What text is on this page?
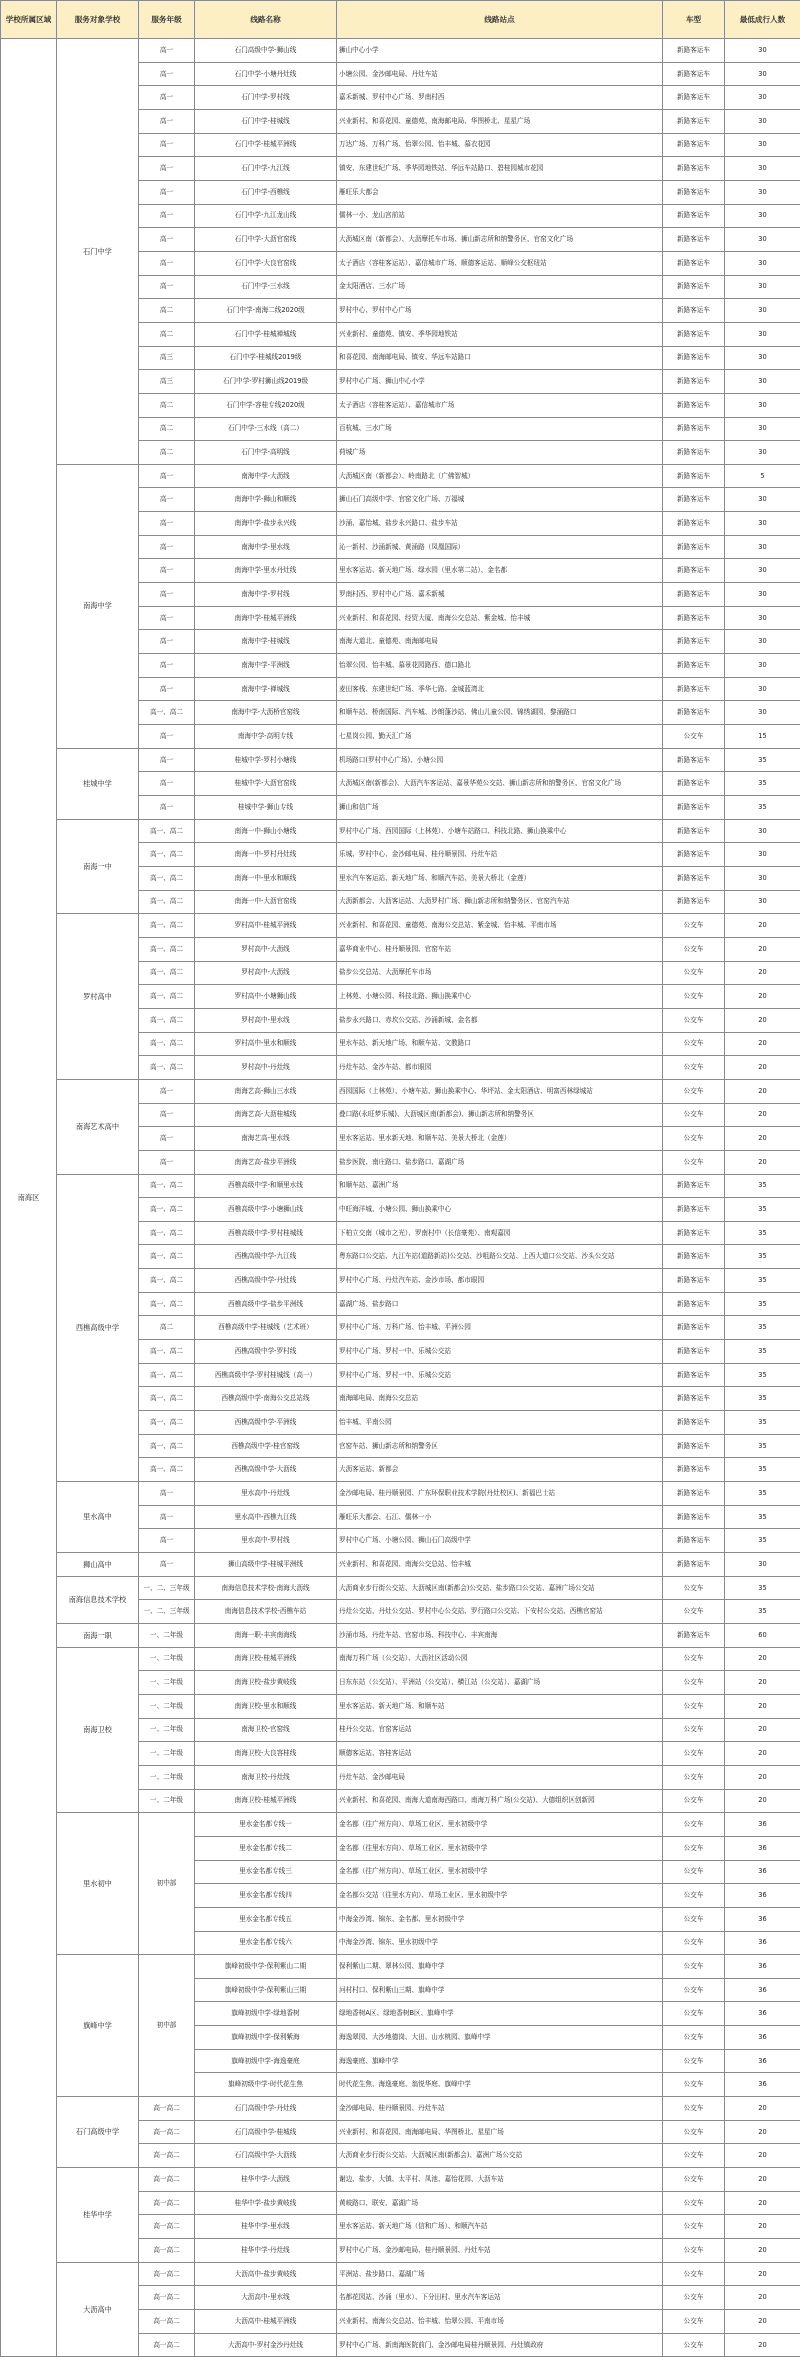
学校所属区域	服务对象学校	服务年级	线路名称	线路站点	车型	最低成行人数
南海区	石门中学	高一	石门高级中学-狮山线	狮山中心小学	新路客运车	30
		高一	石门中学-小塘丹灶线	小塘公园、金沙邮电局、丹灶车站	新路客运车	30
		高一	石门中学-罗村线	嘉禾新城、罗村中心广场、罗南村西	新路客运车	30
		高一	石门中学-桂城线	兴业新村、和喜花园、童德苑、南海邮电局、华图桥北、星星广场	新路客运车	30
		高一	石门中学-桂城平洲线	万达广场、万科广场、怡翠公园、怡丰城、慕衣花园	新路客运车	30
		高一	石门中学-九江线	镇安、东建世纪广场、季华园地铁站、华远车站路口、碧桂园城市花园	新路客运车	30
		高一	石门中学-西樵线	雁旺乐大都会	新路客运车	30
		高一	石门中学-九江龙山线	儒林一小、龙山宫前站	新路客运车	30
		高一	石门中学-大沥官窑线	大沥城区南（新都会）、大沥摩托车市场、狮山新志所和纳警务区、官窑文化广场	新路客运车	30
		高一	石门中学-大良官窑线	太子酒店（容桂客运站）、嘉信城市广场、顺德客运站、顺峰公交枢纽站	新路客运车	30
		高一	石门中学-三水线	金太阳酒店、三水广场	新路客运车	30
		高二	石门中学-南海二线2020级	罗村中心、罗村中心广场	新路客运车	30
		高二	石门中学-桂城禅城线	兴业新村、童德苑、镇安、季华园地铁站	新路客运车	30
		高三	石门中学-桂城线2019级	和喜花园、南海邮电局、镇安、华远车站路口	新路客运车	30
		高三	石门中学-罗村狮山线2019级	罗村中心广场、狮山中心小学	新路客运车	30
		高二	石门中学-容桂专线2020级	太子酒店（容桂客运站）、嘉信城市广场	新路客运车	30
		高二	石门中学-三水线（高二）	百杭城、三水广场	新路客运车	30
		高二	石门中学-高明线	荷城广场	新路客运车	30
	南海中学	高一	南海中学-大沥线	大沥城区南（新都会）、岭南路北（广佛智城）	新路客运车	5
		高一	南海中学-狮山和顺线	狮山石门高级中学、官窑文化广场、万福城	新路客运车	30
		高一	南海中学-盐步永兴线	沙涌、嘉怡城、盐步永兴路口、盐步车站	新路客运车	30
		高一	南海中学-里水线	沁一新村、沙涌新城、黄涌路（凤凰国际）	新路客运车	30
		高一	南海中学-里水丹灶线	里水客运站、新天地广场、绿水园（里水第二站）、金名都	新路客运车	30
		高一	南海中学-罗村线	罗南村西、罗村中心广场、嘉禾新城	新路客运车	30
		高一	南海中学-桂城平洲线	兴业新村、和喜花园、经贸大厦、南海公交总站、紫金城、怡丰城	新路客运车	30
		高一	南海中学-桂城线	南海大道北、童德苑、南海邮电局	新路客运车	30
		高一	南海中学-平洲线	怡翠公园、怡丰城、慕景花园路西、德口路北	新路客运车	30
		高一	南海中学-禅城线	麦田客栈、东建世纪广场、季华七路、金城蓝湾北	新路客运车	30
		高一、高二	南海中学-大沥桥官窑线	和顺车站、桥南国际、汽车城、沙朗蓬沙站、佛山儿童公园、锦绣湖园、黎涌路口	新路客运车	30
		高一	南海中学-高明专线	七星岗公园、勤天汇广场	公交车	15
	桂城中学	高一	桂城中学-罗村小塘线	机场路口(罗村中心广场)、小塘公园	新路客运车	35
		高一	桂城中学-大沥官窑线	大沥城区南(新都会)、大沥汽车客运站、嘉景华苑公交站、狮山新志所和纳警务区、官窑文化广场	新路客运车	35
		高一	桂城中学-狮山专线	狮山和信广场	新路客运车	35
	南海一中	高一、高二	南海一中-狮山小塘线	罗村中心广场、西园国际（上林苑）、小塘车站路口、科技北路、狮山换乘中心	新路客运车	30
		高一、高二	南海一中-罗村丹灶线	乐城、罗村中心、金沙邮电局、桂丹顺景园、丹灶车站	新路客运车	30
		高一、高二	南海一中-里水和顺线	里水汽车客运站、新天地广场、和顺汽车站、美景大桥北（金莲）	新路客运车	30
		高一、高二	南海一中-大沥官窑线	大沥新都会、大沥客运站、大沥罗村广场、狮山新志所和纳警务区、官窑汽车站	新路客运车	30
	罗村高中	高一、高二	罗村高中-桂城平洲线	兴业新村、和喜花园、童德苑、南海公交总站、紫金城、怡丰城、平南市场	公交车	20
		高一、高二	罗村高中-大沥线	嘉华商业中心、桂丹顺景园、官窑车站	公交车	20
		高一、高二	罗村高中-大沥线	盐步公交总站、大沥摩托车市场	公交车	20
		高一、高二	罗村高中-小塘狮山线	上林苑、小塘公园、科技北路、狮山换乘中心	公交车	20
		高一、高二	罗村高中-里水线	盐步永兴路口、赤坎公交站、沙涌新城、金名都	公交车	20
		高一、高二	罗村高中-里水和顺线	里水车站、新天地广场、和顺车站、文教路口	公交车	20
		高一、高二	罗村高中-丹灶线	丹灶车站、金沙车站、都市眼园	公交车	20
	南海艺术高中	高一	南海艺高-狮山三水线	西园国际（上林苑）、小塘车站、狮山换乘中心、华坪站、金太阳酒店、明富西林绿城站	公交车	20
		高一	南海艺高-大沥桂城线	叠口路(永旺梦乐城)、大沥城区南(新都会)、狮山新志所和纳警务区	公交车	20
		高一	南海艺高-里水线	里水客运站、里水新天地、和顺车站、美景大桥北（金莲）	公交车	20
		高一	南海艺高-盐步平洲线	盐步医院、南庄路口、盐步路口、嘉湖广场	公交车	20
	西樵高级中学	高一、高二	西樵高级中学-和顺里水线	和顺车站、嘉洲广场	新路客运车	35
		高一、高二	西樵高级中学-小塘狮山线	中旺海洋城、小塘公园、狮山换乘中心	新路客运车	35
		高一、高二	西樵高级中学-罗村桂城线	下柏立交南（城市之光）、罗南村中（长信豪苑）、南观嘉园	新路客运车	35
		高一、高二	西樵高级中学-九江线	粤东路口公交站、九江车站(道路新站)公交站、沙咀路公交站、上西大道口公交站、沙头公交站	新路客运车	35
		高一、高二	西樵高级中学-丹灶线	罗村中心广场、丹灶汽车站、金沙市场、都市眼园	新路客运车	35
		高一、高二	西樵高级中学-盐步平洲线	嘉湖广场、盐步路口	新路客运车	35
		高二	西樵高级中学-桂城线（艺术班）	罗村中心广场、万科广场、怡丰城、平洲公园	新路客运车	35
		高一、高二	西樵高级中学-罗村线	罗村中心广场、罗村一中、乐城公交站	新路客运车	35
		高一、高二	西樵高级中学-罗村桂城线（高一）	罗村中心广场、罗村一中、乐城公交站	新路客运车	35
		高一、高二	西樵高级中学-南海公交总站线	南海邮电局、南海公交总站	新路客运车	35
		高一、高二	西樵高级中学-平洲线	怡丰城、平南公园	新路客运车	35
		高一、高二	西樵高级中学-桂官窑线	官窑车站、狮山新志所和纳警务区	新路客运车	35
		高一、高二	西樵高级中学-大沥线	大沥客运站、新都会	新路客运车	35
	里水高中	高一	里水高中-丹灶线	金沙邮电局、桂丹顺景园、广东环保职业技术学院(丹灶校区)、新福巴士站	新路客运车	35
		高一	里水高中-西樵九江线	雁旺乐大都会、石江、儒林一小	新路客运车	35
		高一	里水高中-罗村线	罗村中心广场、小塘公园、狮山石门高级中学	新路客运车	35
	狮山高中	高一	狮山高级中学-桂城平洲线	兴业新村、和喜花园、南海公交总站、怡丰城	新路客运车	30
	南海信息技术学校	一、二、三年级	南海信息技术学校-南海大沥线	大沥商业步行街公交站、大沥城区南(新都会)公交站、盐步路口公交站、嘉洲广场公交站	公交车	35
		一、二、三年级	南海信息技术学校-西樵车站	丹灶公交站、丹灶公交站、罗村中心公交站、罗行路口公交站、下安村公交站、西樵官窑站	公交车	35
	南海一职	一、二年级	南海一职-丰宾南海线	沙涌市场、丹灶车站、官窑市场、科技中心、丰宾南海	新路客运车	60
	南海卫校	一、二年级	南海卫校-桂城平洲线	南海万科广场（公交站）、大沥社区活动公园	公交车	20
		一、二年级	南海卫校-盐步黄岐线	日东东站（公交站）、平洲站（公交站）、横江站（公交站）、嘉湖广场	公交车	20
		一、二年级	南海卫校-里水和顺线	里水客运站、新天地广场、和顺车站	公交车	20
		一、二年级	南海卫校-官窑线	桂丹公交站、官窑客运站	公交车	20
		一、二年级	南海卫校-大良容桂线	顺德客运站、容桂客运站	公交车	20
		一、二年级	南海卫校-丹灶线	丹灶车站、金沙邮电局	公交车	20
		一、二年级	南海卫校-桂城平洲线	兴业新村、和喜花园、南海大道南海西路口、南海万科广场(公交站)、大德组织区创新园	公交车	20
	里水初中	初中部	里水金名都专线一	金名都（往广州方向）、草场工业区、里水初级中学	公交车	36
			里水金名都专线二	金名都（往里水方向）、草场工业区、里水初级中学	公交车	36
			里水金名都专线三	金名都（往广州方向）、草场工业区、里水初级中学	公交车	36
			里水金名都专线四	金名都公交站（往里水方向）、草场工业区、里水初级中学	公交车	36
			里水金名都专线五	中海金沙湾、锦东、金名都、里水初级中学	公交车	36
			里水金名都专线六	中海金沙湾、锦东、里水初级中学	公交车	36
	旗峰中学	初中部	旗峰初级中学-保利紫山二期	保利紫山二期、翠林公园、旗峰中学	公交车	36
			旗峰初级中学-保利紫山三期	河村村口、保利紫山三期、旗峰中学	公交车	36
			旗峰初级中学-绿地香树	绿地香树A区、绿地香树B区、旗峰中学	公交车	36
			旗峰初级中学-保利紫海	海逸翠园、大沙地德岗、大田、山水桃园、旗峰中学	公交车	36
			旗峰初级中学-海逸豪庭	海逸豪庭、旗峰中学	公交车	36
			旗峰初级中学-时代花生焦	时代花生焦、海逸豪庭、翁悦华庭、旗峰中学	公交车	36
	石门高级中学	高一高二	石门高级中学-丹灶线	金沙邮电局、桂丹顺景园、丹灶车站	公交车	20
		高一高二	石门高级中学-桂城线	兴业新村、和喜花园、南海邮电局、华图桥北、星星广场	公交车	20
		高一高二	石门高级中学-大沥线	大沥商业步行街公交站、大沥城区南(新都会)、嘉洲广场公交站	公交车	20
	桂华中学	高一高二	桂华中学-大沥线	谢边、盐步、大镇、太平村、凤池、嘉怡花园、大沥车站	公交车	20
		高一高二	桂华中学-盐步黄岐线	黄岐路口、联安、嘉湖广场	公交车	20
		高一高二	桂华中学-里水线	里水客运站、新天地广场（信和广场）、和顺汽车站	公交车	20
		高一高二	桂华中学-丹灶线	罗村中心广场、金沙邮电局、桂丹顺景园、丹灶车站	公交车	20
	大沥高中	高一高二	大沥高中-盐步黄岐线	平洲站、盐步路口、嘉湖广场	公交车	20
		高一高二	大沥高中-里水线	名都花园站、沙涌（里水）、下分田村、里水汽车客运站	公交车	20
		高一高二	大沥高中-桂城平洲线	兴业新村、南海公交总站、怡丰城、怡翠公园、平南市场	公交车	20
		高一高二	大沥高中-罗村金沙丹灶线	罗村中心广场、新南海医院前门、金沙邮电局桂丹顺景园、丹灶镇政府	公交车	20
